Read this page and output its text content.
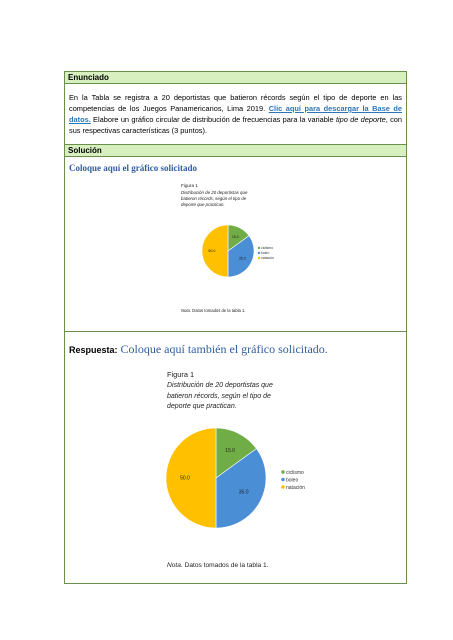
Enunciado
En la Tabla se registra a 20 deportistas que batieron récords según el tipo de deporte en las competencias de los Juegos Panamericanos, Lima 2019. Clic aquí para descargar la Base de datos. Elabore un gráfico circular de distribución de frecuencias para la variable tipo de deporte, con sus respectivas características (3 puntos).
Solución
Coloque aquí el gráfico solicitado
Figura 1
Distribución de 20 deportistas que
batieron récords, según el tipo de
deporte que practican.
15.0
35.0
50.0
ciclismo
boleo
natación
Nota. Datos tomados de la tabla 1.
Respuesta: Coloque aquí también el gráfico solicitado.
Figura 1
Distribución de 20 deportistas que
batieron récords, según el tipo de
deporte que practican.
15.0
35.0
50.0
ciclismo
boleo
natación
Nota. Datos tomados de la tabla 1.
